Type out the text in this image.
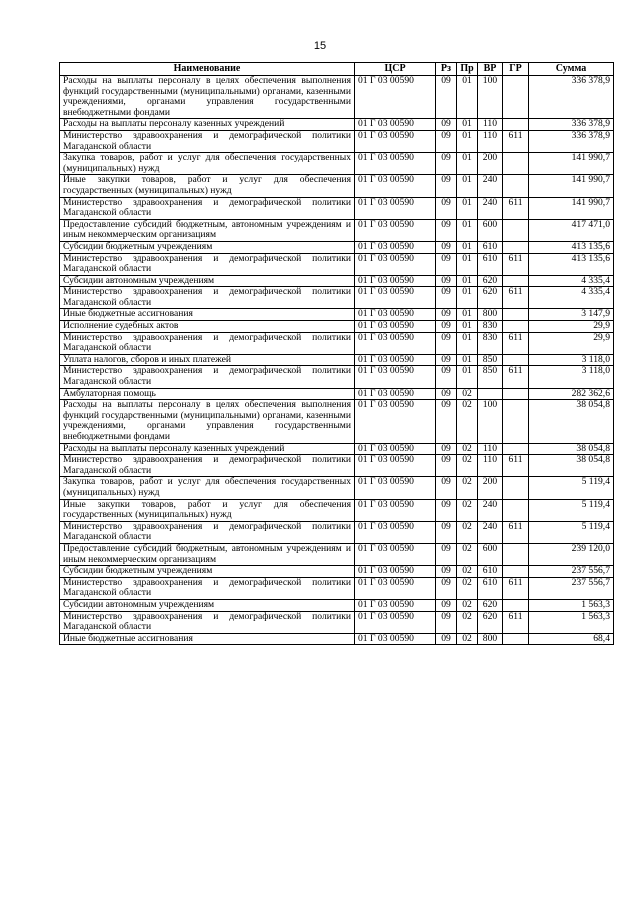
15
Наименование	ЦСР	Рз	Пр	ВР	ГР	Сумма
Расходы на выплаты персоналу в целях обеспечения выполнения функций государственными (муниципальными) органами, казенными учреждениями, органами управления государственными внебюджетными фондами	01 Г 03 00590	09	01	100		336 378,9
Расходы на выплаты персоналу казенных учреждений	01 Г 03 00590	09	01	110		336 378,9
Министерство здравоохранения и демографической политики Магаданской области	01 Г 03 00590	09	01	110	611	336 378,9
Закупка товаров, работ и услуг для обеспечения государственных (муниципальных) нужд	01 Г 03 00590	09	01	200		141 990,7
Иные закупки товаров, работ и услуг для обеспечения государственных (муниципальных) нужд	01 Г 03 00590	09	01	240		141 990,7
Министерство здравоохранения и демографической политики Магаданской области	01 Г 03 00590	09	01	240	611	141 990,7
Предоставление субсидий бюджетным, автономным учреждениям и иным некоммерческим организациям	01 Г 03 00590	09	01	600		417 471,0
Субсидии бюджетным учреждениям	01 Г 03 00590	09	01	610		413 135,6
Министерство здравоохранения и демографической политики Магаданской области	01 Г 03 00590	09	01	610	611	413 135,6
Субсидии автономным учреждениям	01 Г 03 00590	09	01	620		4 335,4
Министерство здравоохранения и демографической политики Магаданской области	01 Г 03 00590	09	01	620	611	4 335,4
Иные бюджетные ассигнования	01 Г 03 00590	09	01	800		3 147,9
Исполнение судебных актов	01 Г 03 00590	09	01	830		29,9
Министерство здравоохранения и демографической политики Магаданской области	01 Г 03 00590	09	01	830	611	29,9
Уплата налогов, сборов и иных платежей	01 Г 03 00590	09	01	850		3 118,0
Министерство здравоохранения и демографической политики Магаданской области	01 Г 03 00590	09	01	850	611	3 118,0
Амбулаторная помощь	01 Г 03 00590	09	02			282 362,6
Расходы на выплаты персоналу в целях обеспечения выполнения функций государственными (муниципальными) органами, казенными учреждениями, органами управления государственными внебюджетными фондами	01 Г 03 00590	09	02	100		38 054,8
Расходы на выплаты персоналу казенных учреждений	01 Г 03 00590	09	02	110		38 054,8
Министерство здравоохранения и демографической политики Магаданской области	01 Г 03 00590	09	02	110	611	38 054,8
Закупка товаров, работ и услуг для обеспечения государственных (муниципальных) нужд	01 Г 03 00590	09	02	200		5 119,4
Иные закупки товаров, работ и услуг для обеспечения государственных (муниципальных) нужд	01 Г 03 00590	09	02	240		5 119,4
Министерство здравоохранения и демографической политики Магаданской области	01 Г 03 00590	09	02	240	611	5 119,4
Предоставление субсидий бюджетным, автономным учреждениям и иным некоммерческим организациям	01 Г 03 00590	09	02	600		239 120,0
Субсидии бюджетным учреждениям	01 Г 03 00590	09	02	610		237 556,7
Министерство здравоохранения и демографической политики Магаданской области	01 Г 03 00590	09	02	610	611	237 556,7
Субсидии автономным учреждениям	01 Г 03 00590	09	02	620		1 563,3
Министерство здравоохранения и демографической политики Магаданской области	01 Г 03 00590	09	02	620	611	1 563,3
Иные бюджетные ассигнования	01 Г 03 00590	09	02	800		68,4
